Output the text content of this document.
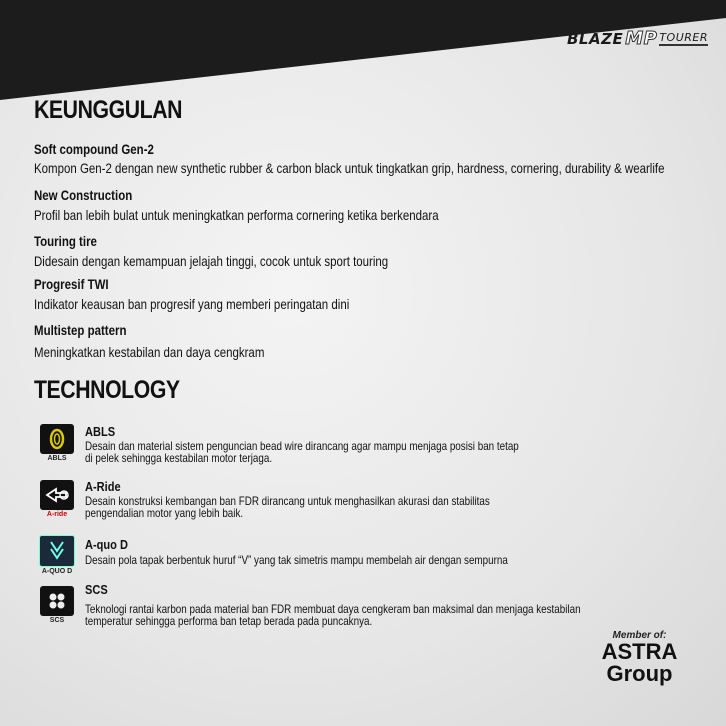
BLAZE MP TOURER
KEUNGGULAN
Soft compound Gen-2
Kompon Gen-2 dengan new synthetic rubber & carbon black untuk tingkatkan grip, hardness, cornering, durability & wearlife
New Construction
Profil ban lebih bulat untuk meningkatkan performa cornering ketika berkendara
Touring tire
Didesain dengan kemampuan jelajah tinggi, cocok untuk sport touring
Progresif TWI
Indikator keausan ban progresif yang memberi peringatan dini
Multistep pattern
Meningkatkan kestabilan dan daya cengkram
TECHNOLOGY
ABLS
ABLS
Desain dan material sistem penguncian bead wire dirancang agar mampu menjaga posisi ban tetap
di pelek sehingga kestabilan motor terjaga.
A-ride
A-Ride
Desain konstruksi kembangan ban FDR dirancang untuk menghasilkan akurasi dan stabilitas
pengendalian motor yang lebih baik.
A-QUO D
A-quo D
Desain pola tapak berbentuk huruf “V” yang tak simetris mampu membelah air dengan sempurna
SCS
SCS
Teknologi rantai karbon pada material ban FDR membuat daya cengkeram ban maksimal dan menjaga kestabilan
temperatur sehingga performa ban tetap berada pada puncaknya.
Member of:
ASTRA
Group
